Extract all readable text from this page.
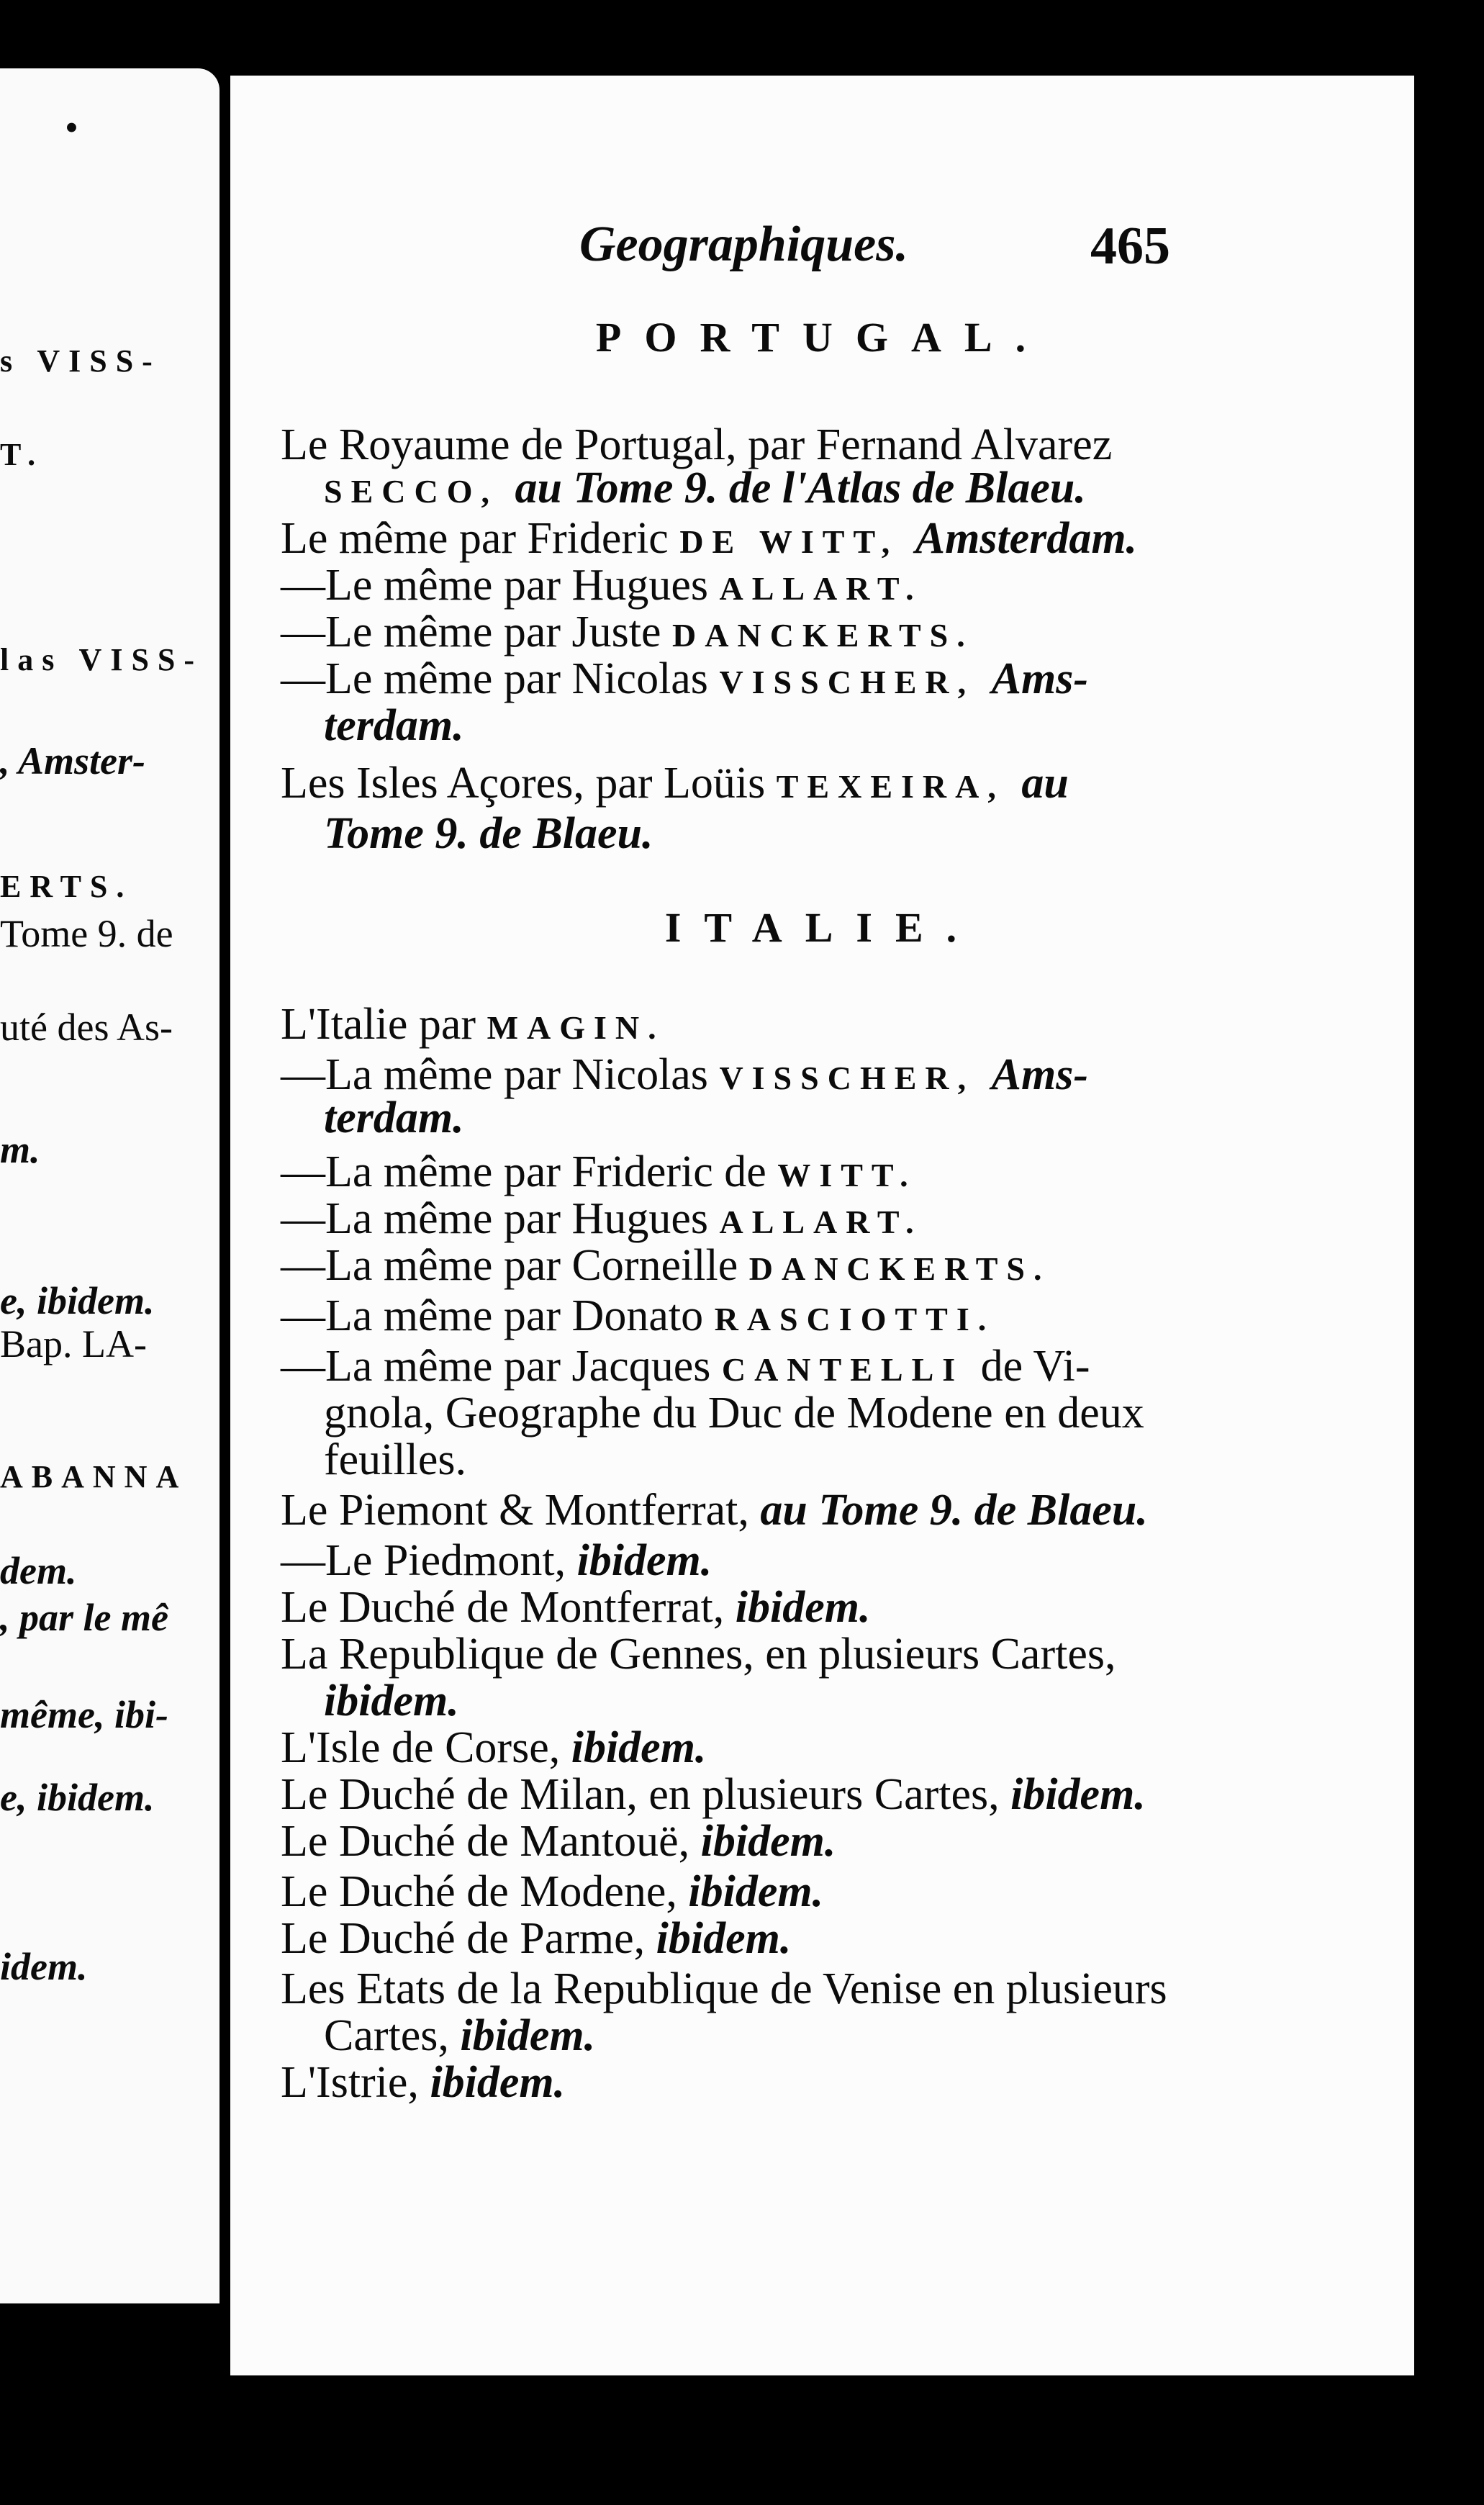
•
s VISS-
T.
las VISS-
, Amster-
ERTS.
Tome 9. de
uté des As-
m.
e, ibidem.
Bap. LA-
ABANNA
dem.
, par le mê
même, ibi-
e, ibidem.
idem.
Geographiques.	465
PORTUGAL.
Le Royaume de Portugal, par Fernand Alvarez
SECCO, au Tome 9. de l'Atlas de Blaeu.
Le même par Frideric DE WITT, Amsterdam.
—Le même par Hugues ALLART.
—Le même par Juste DANCKERTS.
—Le même par Nicolas VISSCHER, Ams-
terdam.
Les Isles Açores, par Loüis TEXEIRA, au
Tome 9. de Blaeu.
ITALIE.
L'Italie par MAGIN.
—La même par Nicolas VISSCHER, Ams-
terdam.
—La même par Frideric de WITT.
—La même par Hugues ALLART.
—La même par Corneille DANCKERTS.
—La même par Donato RASCIOTTI.
—La même par Jacques CANTELLI de Vi-
gnola, Geographe du Duc de Modene en deux
feuilles.
Le Piemont & Montferrat, au Tome 9. de Blaeu.
—Le Piedmont, ibidem.
Le Duché de Montferrat, ibidem.
La Republique de Gennes, en plusieurs Cartes,
ibidem.
L'Isle de Corse, ibidem.
Le Duché de Milan, en plusieurs Cartes, ibidem.
Le Duché de Mantouë, ibidem.
Le Duché de Modene, ibidem.
Le Duché de Parme, ibidem.
Les Etats de la Republique de Venise en plusieurs
Cartes, ibidem.
L'Istrie, ibidem.
